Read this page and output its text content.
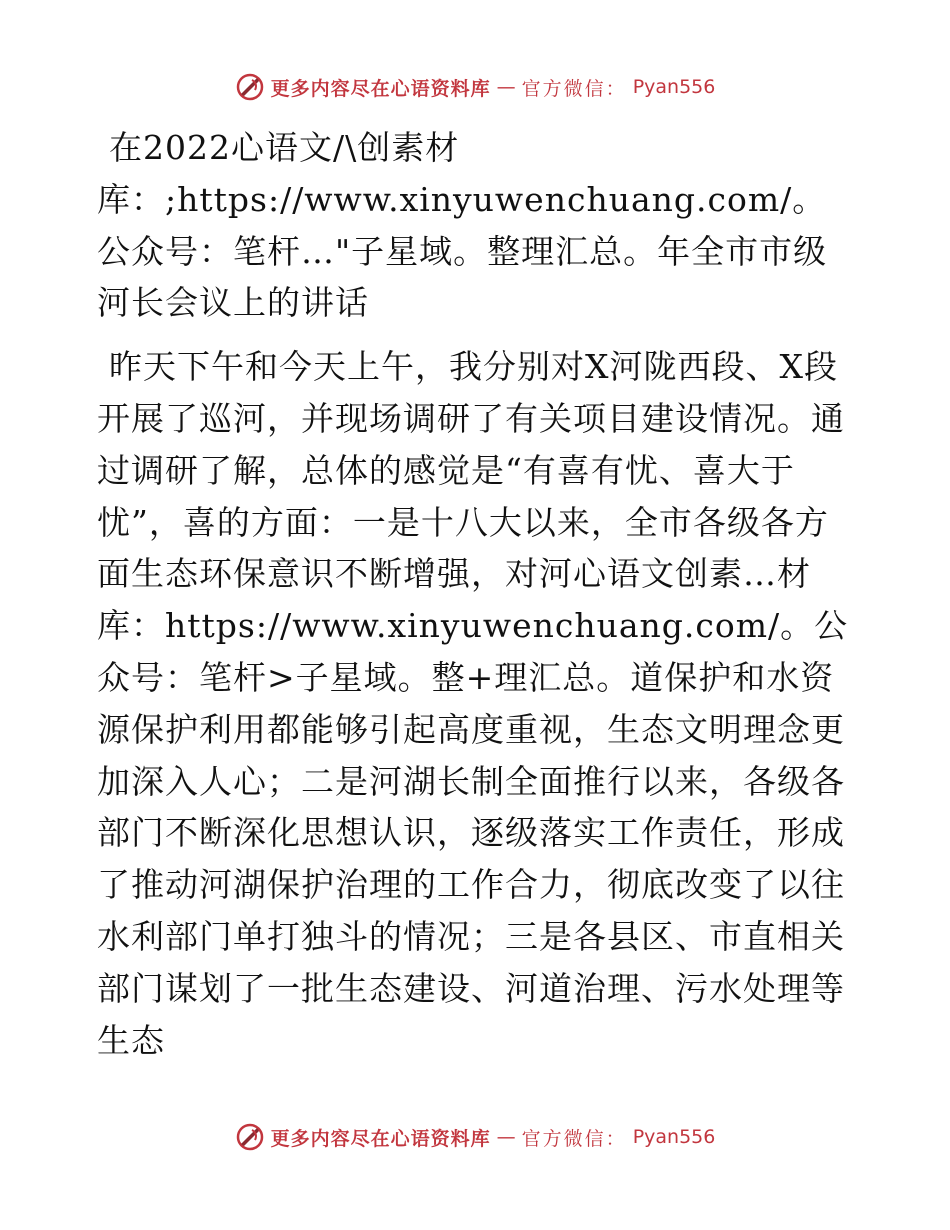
更多内容尽在心语资料库 — 官方微信： Pyan556

在2022心语文/\创素材库：;https://www.xinyuwenchuang.com/。公众号：笔杆…"子星域。整理汇总。年全市市级河长会议上的讲话

昨天下午和今天上午，我分别对X河陇西段、X段开展了巡河，并现场调研了有关项目建设情况。通过调研了解，总体的感觉是“有喜有忧、喜大于忧”，喜的方面：一是十八大以来，全市各级各方面生态环保意识不断增强，对河心语文创素…材库：https://www.xinyuwenchuang.com/。公众号：笔杆>子星域。整+理汇总。道保护和水资源保护利用都能够引起高度重视，生态文明理念更加深入人心；二是河湖长制全面推行以来，各级各部门不断深化思想认识，逐级落实工作责任，形成了推动河湖保护治理的工作合力，彻底改变了以往水利部门单打独斗的情况；三是各县区、市直相关部门谋划了一批生态建设、河道治理、污水处理等生态

更多内容尽在心语资料库 — 官方微信： Pyan556
